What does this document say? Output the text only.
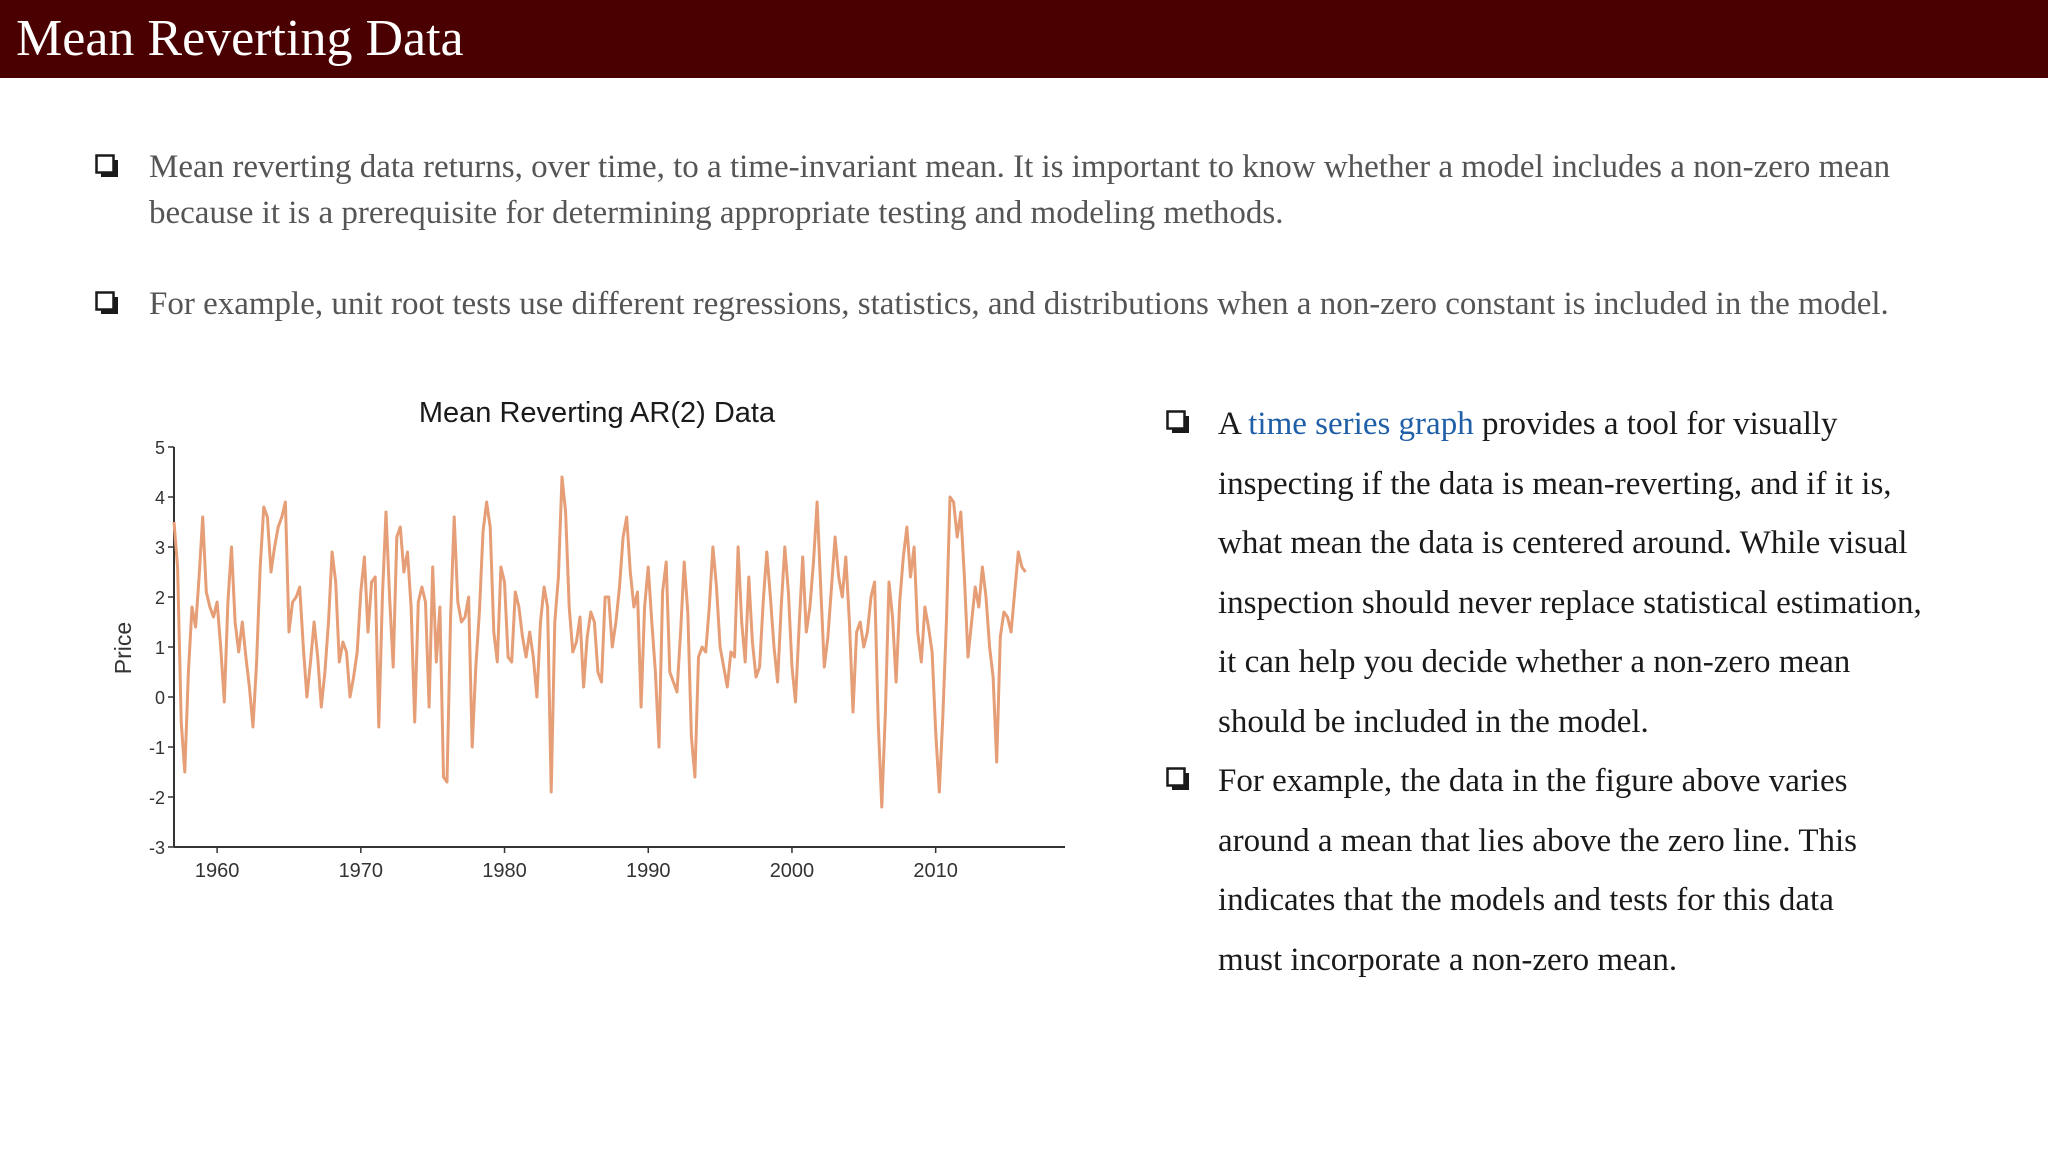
Mean Reverting Data
Mean reverting data returns, over time, to a time-invariant mean. It is important to know whether a model includes a non-zero mean because it is a prerequisite for determining appropriate testing and modeling methods.
For example, unit root tests use different regressions, statistics, and distributions when a non-zero constant is included in the model.
Mean Reverting AR(2) Data
Price
-3
-2
-1
0
1
2
3
4
5
1960	1970	1980	1990	2000	2010
A time series graph provides a tool for visually inspecting if the data is mean-reverting, and if it is, what mean the data is centered around. While visual inspection should never replace statistical estimation, it can help you decide whether a non-zero mean should be included in the model.
For example, the data in the figure above varies around a mean that lies above the zero line. This indicates that the models and tests for this data must incorporate a non-zero mean.
